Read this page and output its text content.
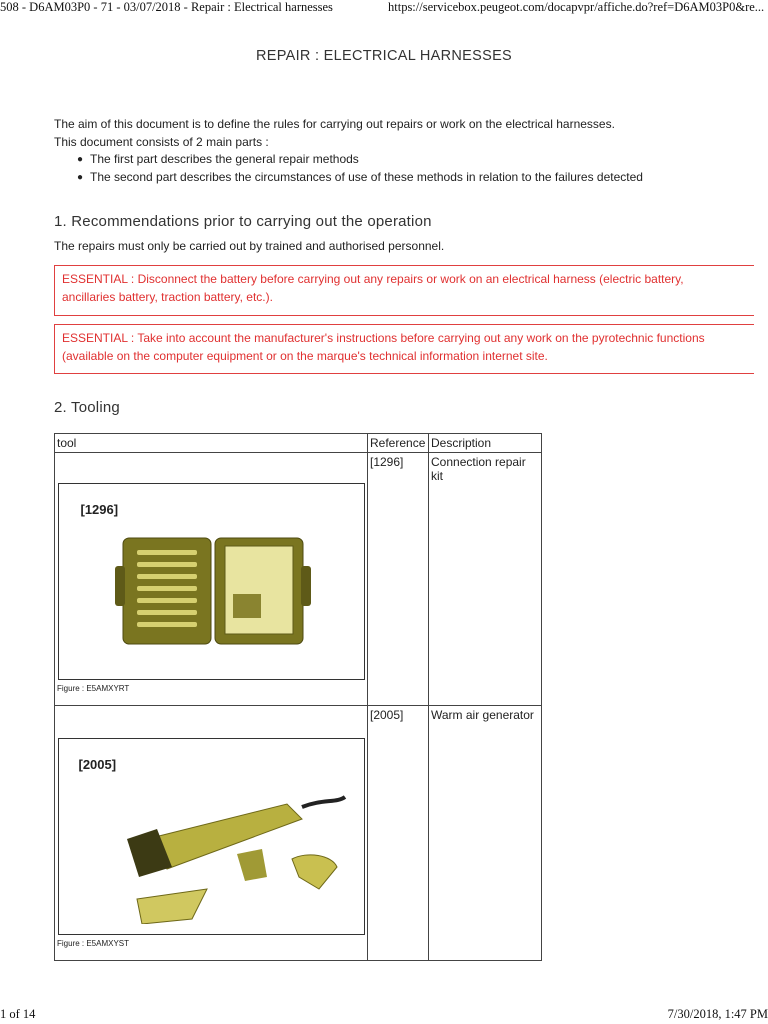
508 - D6AM03P0 - 71 - 03/07/2018 - Repair : Electrical harnesses	https://servicebox.peugeot.com/docapvpr/affiche.do?ref=D6AM03P0&re...
REPAIR : ELECTRICAL HARNESSES
The aim of this document is to define the rules for carrying out repairs or work on the electrical harnesses.
This document consists of 2 main parts :
● The first part describes the general repair methods
● The second part describes the circumstances of use of these methods in relation to the failures detected
1. Recommendations prior to carrying out the operation
The repairs must only be carried out by trained and authorised personnel.
ESSENTIAL : Disconnect the battery before carrying out any repairs or work on an electrical harness (electric battery,
ancillaries battery, traction battery, etc.).
ESSENTIAL : Take into account the manufacturer's instructions before carrying out any work on the pyrotechnic functions
(available on the computer equipment or on the marque's technical information internet site.
2. Tooling
tool	Reference	Description

[1296]
Figure : E5AMXYRT	[1296]	Connection repair kit

[2005]
Figure : E5AMXYST	[2005]	Warm air generator
1 of 14	7/30/2018, 1:47 PM
